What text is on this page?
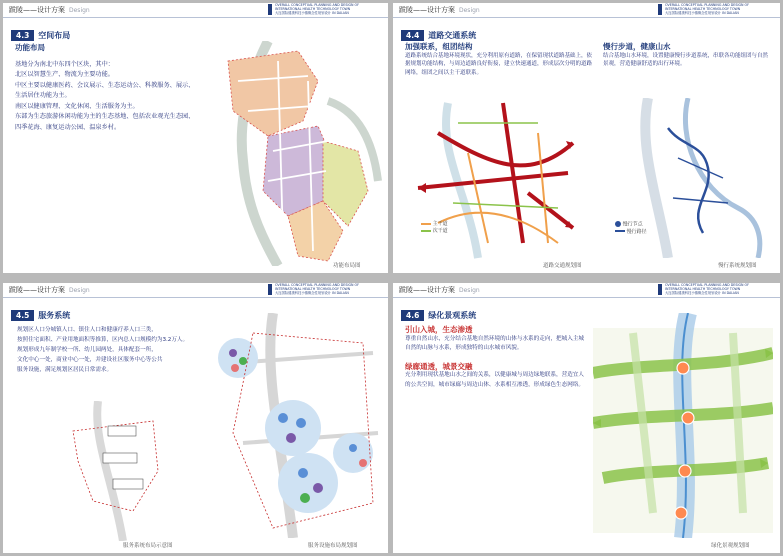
跋陵——设计方案 Design
OVERALL CONCEPTUAL PLANNING AND DESIGN OF
INTERNATIONAL HEALTH TECHNOLOGY TOWN
大连国际健康科技小镇概念性规划设计 IN DALIAN
4.3 空间布局
功能布局
基地分为南北中东四个区块，其中：
北区以智慧生产、物流为主要功能。
中区主要以健康医药、会议展示、生态运动公、科教服务、展示、
生活居住功能为主。
南区以健康管理、文化休闲、生活服务为主。
东部为生态旅游休闲功能为主的生态基地、包括农业观光生态园、
四季花海、康复运动公园、温泉乡村。
功能布局图
跋陵——设计方案 Design
OVERALL CONCEPTUAL PLANNING AND DESIGN OF
INTERNATIONAL HEALTH TECHNOLOGY TOWN
大连国际健康科技小镇概念性规划设计 IN DALIAN
4.4 道路交通系统
加强联系，组团结构
道路系统结合基地环境现状，充分利用原有道路，在保留现状道路基础上，依据规划功能结构，与周边道路良好衔接，建立快速通道，形成层次分明的道路网络，组团之间以主干道联系。
慢行步道，健康山水
结合基地山水环境，设置健康慢行步道系统，串联各功能组团与自然景观，营造健康舒适的出行环境。
主干道
次干道
道路交通规划图
慢行节点
慢行路径
慢行系统规划图
跋陵——设计方案 Design
OVERALL CONCEPTUAL PLANNING AND DESIGN OF
INTERNATIONAL HEALTH TECHNOLOGY TOWN
大连国际健康科技小镇概念性规划设计 IN DALIAN
4.5 服务系统
规划区人口分城镇人口、镇住人口和健康疗养人口三类，
按照住宅面积、产业用地面积等推算，区内总人口规模约为3.2万人。
规划形成九年制学校一所、幼儿园两处，具体配套一所，
文化中心一处，商业中心一处，并建设社区服务中心等公共
服务设施，满足规划区居民日常需求。
服务系统布局示意图	服务设施布局规划图
跋陵——设计方案 Design
OVERALL CONCEPTUAL PLANNING AND DESIGN OF
INTERNATIONAL HEALTH TECHNOLOGY TOWN
大连国际健康科技小镇概念性规划设计 IN DALIAN
4.6 绿化景观系统
引山入城，生态渗透
尊重自然山水，充分结合基地自然环境的山体与水系的走向，把城入主城自然的山脉与水系，形成独特的山水城市风貌。
绿廊通透，城景交融
充分利用现状基地山水之间的关系，以健康城与周边绿地联系，营造宜人的公共空间，城市绿廊与周边山体、水系相互渗透，形成绿色生态网络。
绿化景观规划图
